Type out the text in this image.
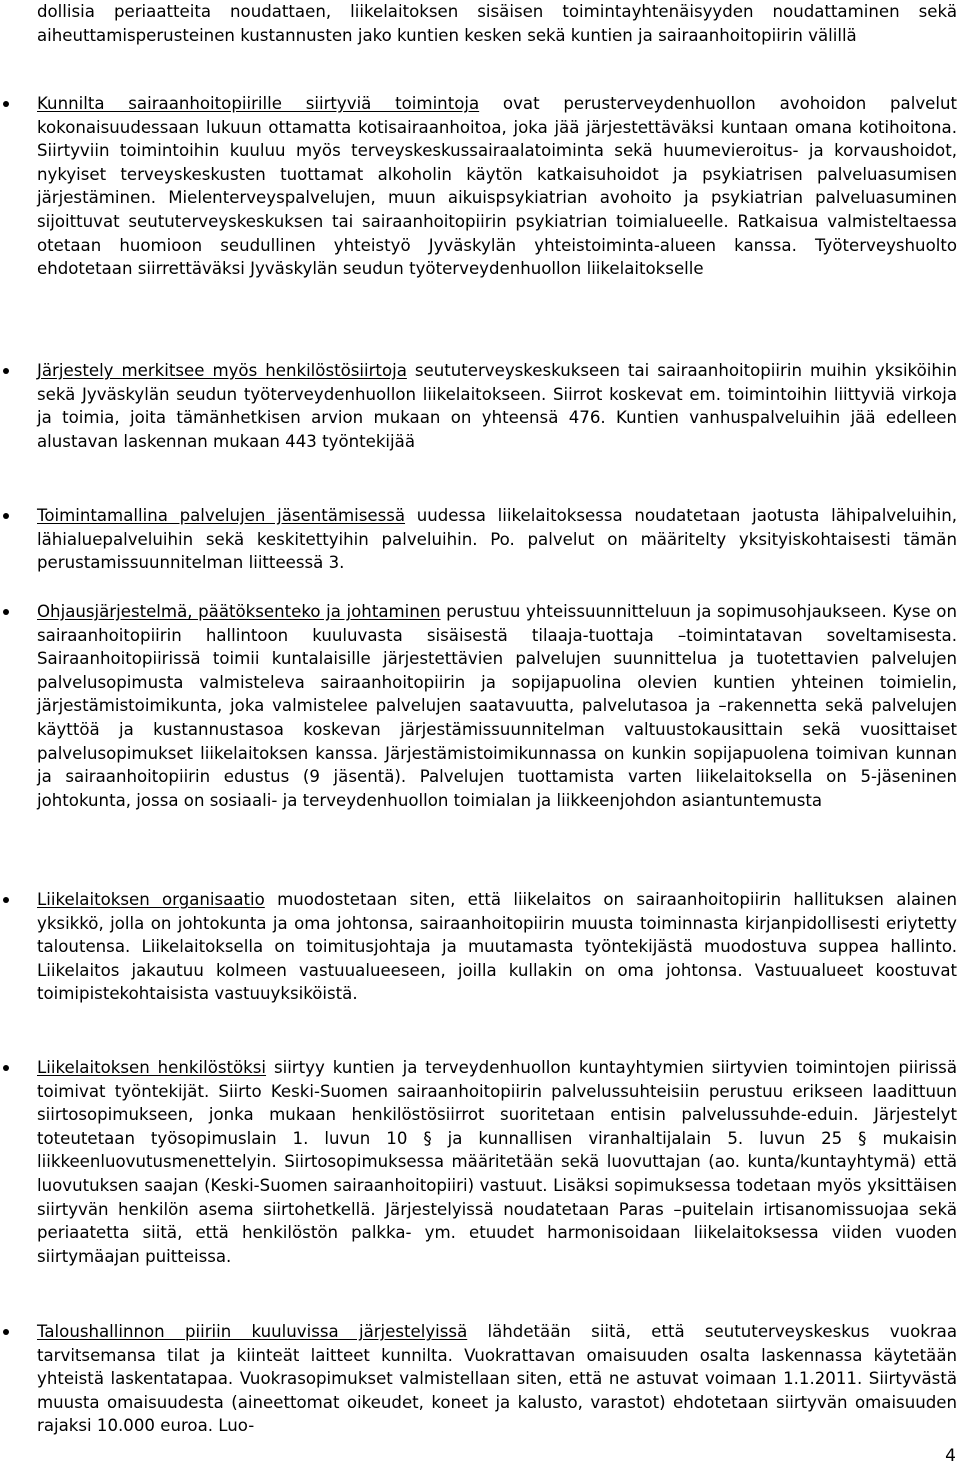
dollisia periaatteita noudattaen, liikelaitoksen sisäisen toimintayhtenäisyyden noudattaminen sekä aiheuttamisperusteinen kustannusten jako kuntien kesken sekä kuntien ja sairaanhoitopiirin välillä

Kunnilta sairaanhoitopiirille siirtyviä toimintoja ovat perusterveydenhuollon avohoidon palvelut kokonaisuudessaan lukuun ottamatta kotisairaanhoitoa, joka jää järjestettäväksi kuntaan omana kotihoitona. Siirtyviin toimintoihin kuuluu myös terveyskeskussairaalatoiminta sekä huumevieroitus- ja korvaushoidot, nykyiset terveyskeskusten tuottamat alkoholin käytön katkaisuhoidot ja psykiatrisen palveluasumisen järjestäminen. Mielenterveyspalvelujen, muun aikuispsykiatrian avohoito ja psykiatrian palveluasuminen sijoittuvat seututerveyskeskuksen tai sairaanhoitopiirin psykiatrian toimialueelle. Ratkaisua valmisteltaessa otetaan huomioon seudullinen yhteistyö Jyväskylän yhteistoiminta-alueen kanssa. Työterveyshuolto ehdotetaan siirrettäväksi Jyväskylän seudun työterveydenhuollon liikelaitokselle

Järjestely merkitsee myös henkilöstösiirtoja seututerveyskeskukseen tai sairaanhoitopiirin muihin yksiköihin sekä Jyväskylän seudun työterveydenhuollon liikelaitokseen. Siirrot koskevat em. toimintoihin liittyviä virkoja ja toimia, joita tämänhetkisen arvion mukaan on yhteensä 476. Kuntien vanhuspalveluihin jää edelleen alustavan laskennan mukaan 443 työntekijää

Toimintamallina palvelujen jäsentämisessä uudessa liikelaitoksessa noudatetaan jaotusta lähipalveluihin, lähialuepalveluihin sekä keskitettyihin palveluihin. Po. palvelut on määritelty yksityiskohtaisesti tämän perustamissuunnitelman liitteessä 3.

Ohjausjärjestelmä, päätöksenteko ja johtaminen perustuu yhteissuunnitteluun ja sopimusohjaukseen. Kyse on sairaanhoitopiirin hallintoon kuuluvasta sisäisestä tilaaja-tuottaja –toimintatavan soveltamisesta. Sairaanhoitopiirissä toimii kuntalaisille järjestettävien palvelujen suunnittelua ja tuotettavien palvelujen palvelusopimusta valmisteleva sairaanhoitopiirin ja sopijapuolina olevien kuntien yhteinen toimielin, järjestämistoimikunta, joka valmistelee palvelujen saatavuutta, palvelutasoa ja –rakennetta sekä palvelujen käyttöä ja kustannustasoa koskevan järjestämissuunnitelman valtuustokausittain sekä vuosittaiset palvelusopimukset liikelaitoksen kanssa. Järjestämistoimikunnassa on kunkin sopijapuolena toimivan kunnan ja sairaanhoitopiirin edustus (9 jäsentä). Palvelujen tuottamista varten liikelaitoksella on 5-jäseninen johtokunta, jossa on sosiaali- ja terveydenhuollon toimialan ja liikkeenjohdon asiantuntemusta

Liikelaitoksen organisaatio muodostetaan siten, että liikelaitos on sairaanhoitopiirin hallituksen alainen yksikkö, jolla on johtokunta ja oma johtonsa, sairaanhoitopiirin muusta toiminnasta kirjanpidollisesti eriytetty taloutensa. Liikelaitoksella on toimitusjohtaja ja muutamasta työntekijästä muodostuva suppea hallinto. Liikelaitos jakautuu kolmeen vastuualueeseen, joilla kullakin on oma johtonsa. Vastuualueet koostuvat toimipistekohtaisista vastuuyksiköistä.

Liikelaitoksen henkilöstöksi siirtyy kuntien ja terveydenhuollon kuntayhtymien siirtyvien toimintojen piirissä toimivat työntekijät. Siirto Keski-Suomen sairaanhoitopiirin palvelussuhteisiin perustuu erikseen laadittuun siirtosopimukseen, jonka mukaan henkilöstösiirrot suoritetaan entisin palvelussuhde-eduin. Järjestelyt toteutetaan työsopimuslain 1. luvun 10 § ja kunnallisen viranhaltijalain 5. luvun 25 § mukaisin liikkeenluovutusmenettelyin. Siirtosopimuksessa määritetään sekä luovuttajan (ao. kunta/kuntayhtymä) että luovutuksen saajan (Keski-Suomen sairaanhoitopiiri) vastuut. Lisäksi sopimuksessa todetaan myös yksittäisen siirtyvän henkilön asema siirtohetkellä. Järjestelyissä noudatetaan Paras –puitelain irtisanomissuojaa sekä periaatetta siitä, että henkilöstön palkka- ym. etuudet harmonisoidaan liikelaitoksessa viiden vuoden siirtymäajan puitteissa.

Taloushallinnon piiriin kuuluvissa järjestelyissä lähdetään siitä, että seututerveyskeskus vuokraa tarvitsemansa tilat ja kiinteät laitteet kunnilta. Vuokrattavan omaisuuden osalta laskennassa käytetään yhteistä laskentatapaa. Vuokrasopimukset valmistellaan siten, että ne astuvat voimaan 1.1.2011. Siirtyvästä muusta omaisuudesta (aineettomat oikeudet, koneet ja kalusto, varastot) ehdotetaan siirtyvän omaisuuden rajaksi 10.000 euroa. Luo-

4
